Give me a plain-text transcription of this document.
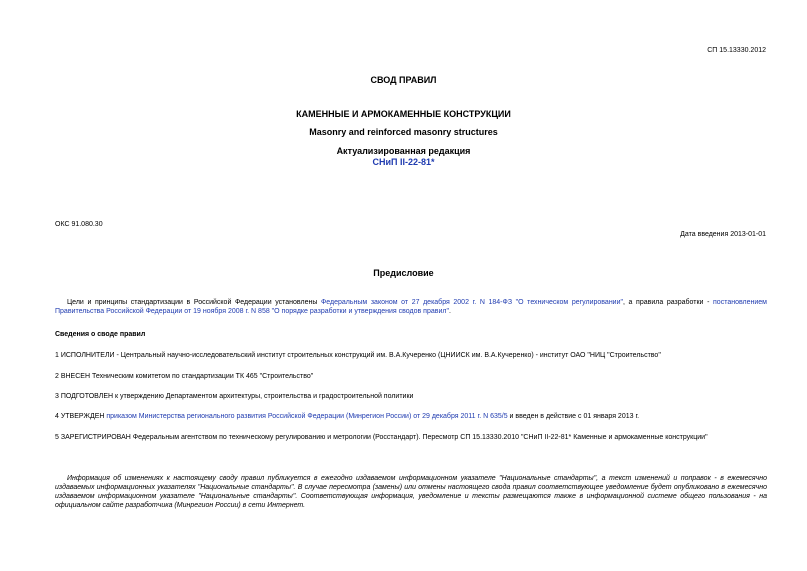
СП 15.13330.2012
СВОД ПРАВИЛ
КАМЕННЫЕ И АРМОКАМЕННЫЕ КОНСТРУКЦИИ
Masonry and reinforced masonry structures
Актуализированная редакция
СНиП II-22-81*
ОКС 91.080.30
Дата введения 2013-01-01
Предисловие
Цели и принципы стандартизации в Российской Федерации установлены Федеральным законом от 27 декабря 2002 г. N 184-ФЗ "О техническом регулировании", а правила разработки - постановлением Правительства Российской Федерации от 19 ноября 2008 г. N 858 "О порядке разработки и утверждения сводов правил".
Сведения о своде правил
1 ИСПОЛНИТЕЛИ - Центральный научно-исследовательский институт строительных конструкций им. В.А.Кучеренко (ЦНИИСК им. В.А.Кучеренко) - институт ОАО "НИЦ "Строительство"
2 ВНЕСЕН Техническим комитетом по стандартизации ТК 465 "Строительство"
3 ПОДГОТОВЛЕН к утверждению Департаментом архитектуры, строительства и градостроительной политики
4 УТВЕРЖДЕН приказом Министерства регионального развития Российской Федерации (Минрегион России) от 29 декабря 2011 г. N 635/5 и введен в действие с 01 января 2013 г.
5 ЗАРЕГИСТРИРОВАН Федеральным агентством по техническому регулированию и метрологии (Росстандарт). Пересмотр СП 15.13330.2010 "СНиП II-22-81* Каменные и армокаменные конструкции"
Информация об изменениях к настоящему своду правил публикуется в ежегодно издаваемом информационном указателе "Национальные стандарты", а текст изменений и поправок - в ежемесячно издаваемых информационных указателях "Национальные стандарты". В случае пересмотра (замены) или отмены настоящего свода правил соответствующее уведомление будет опубликовано в ежемесячно издаваемом информационном указателе "Национальные стандарты". Соответствующая информация, уведомление и тексты размещаются также в информационной системе общего пользования - на официальном сайте разработчика (Минрегион России) в сети Интернет.
